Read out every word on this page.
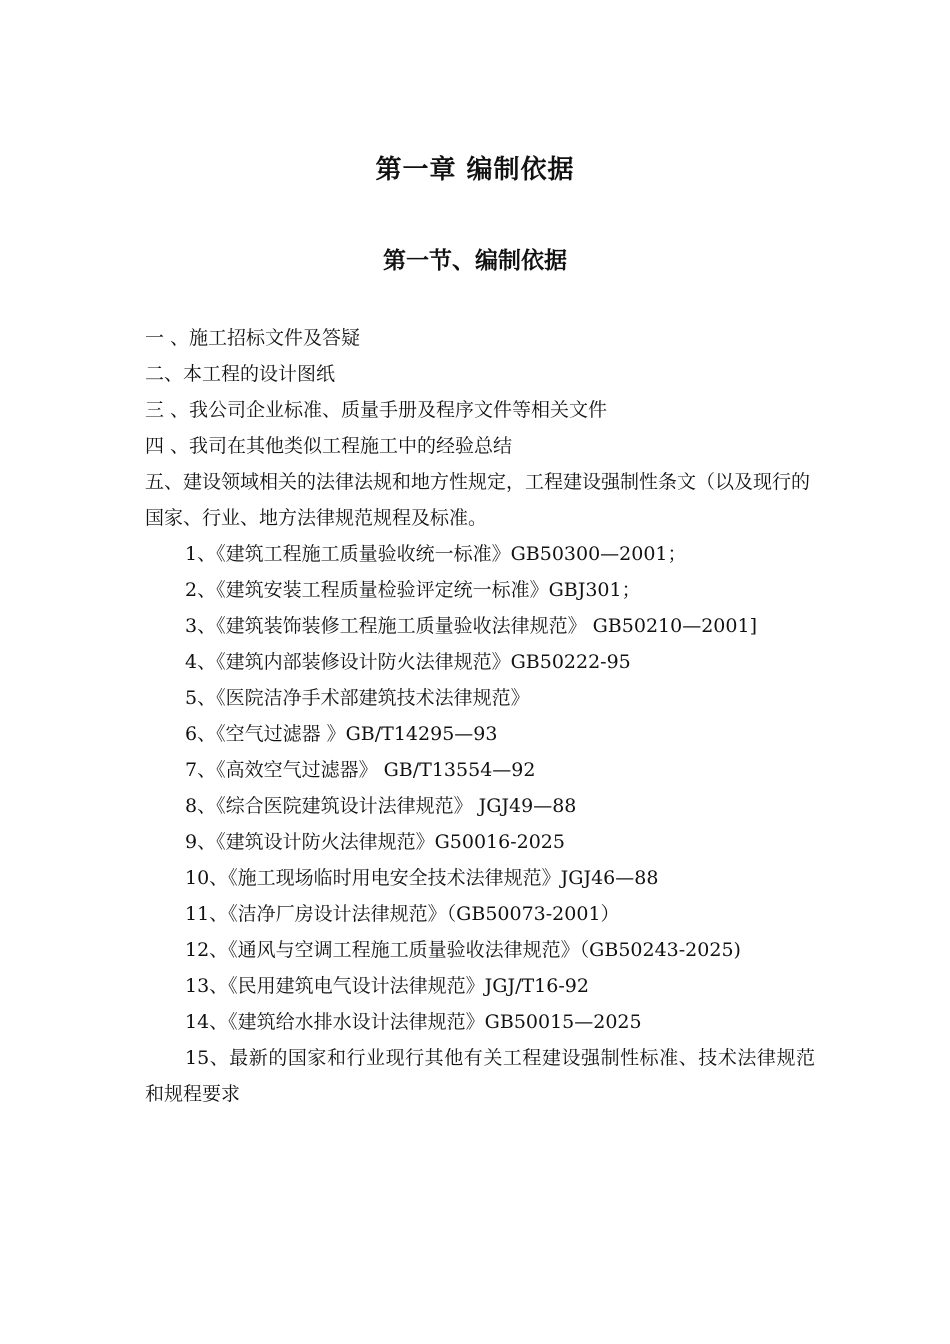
第一章 编制依据
第一节、编制依据
一 、施工招标文件及答疑
二、本工程的设计图纸
三 、我公司企业标准、质量手册及程序文件等相关文件
四 、我司在其他类似工程施工中的经验总结
五、建设领域相关的法律法规和地方性规定，工程建设强制性条文（以及现行的国家、行业、地方法律规范规程及标准。
1、《建筑工程施工质量验收统一标准》GB50300—2001；
2、《建筑安装工程质量检验评定统一标准》GBJ301；
3、《建筑装饰装修工程施工质量验收法律规范》 GB50210—2001]
4、《建筑内部装修设计防火法律规范》GB50222-95
5、《医院洁净手术部建筑技术法律规范》
6、《空气过滤器 》GB/T14295—93
7、《高效空气过滤器》 GB/T13554—92
8、《综合医院建筑设计法律规范》 JGJ49—88
9、《建筑设计防火法律规范》G50016-2025
10、《施工现场临时用电安全技术法律规范》JGJ46—88
11、《洁净厂房设计法律规范》（GB50073-2001）
12、《通风与空调工程施工质量验收法律规范》（GB50243-2025)
13、《民用建筑电气设计法律规范》JGJ/T16-92
14、《建筑给水排水设计法律规范》GB50015—2025
15、最新的国家和行业现行其他有关工程建设强制性标准、技术法律规范和规程要求
